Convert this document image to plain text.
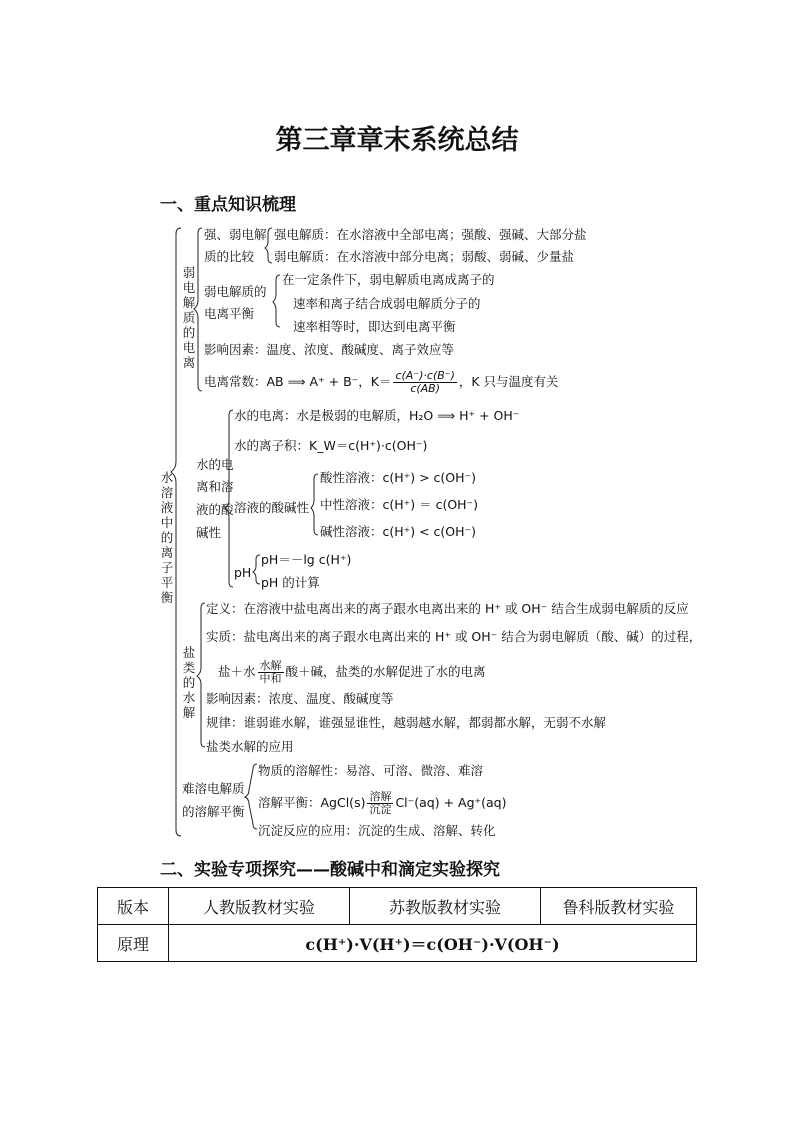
第三章章末系统总结
一、重点知识梳理
水
溶
液
中
的
离
子
平
衡
弱
电
解
质
的
电
离
强、弱电解
质的比较
强电解质：在水溶液中全部电离；强酸、强碱、大部分盐
弱电解质：在水溶液中部分电离；弱酸、弱碱、少量盐
弱电解质的
电离平衡
在一定条件下，弱电解质电离成离子的
速率和离子结合成弱电解质分子的
速率相等时，即达到电离平衡
影响因素：温度、浓度、酸碱度、离子效应等
电离常数：AB ⟹ A⁺ + B⁻，$K= \frac{c(A^-)\cdot c(B^-)}{c(AB)}$ ，K 只与温度有关
水的电
离和溶
液的酸
碱性
水的电离：水是极弱的电解质，H₂O ⟹ H⁺ + OH⁻
水的离子积：K_W＝c(H⁺)·c(OH⁻)
溶液的酸碱性
酸性溶液：c(H⁺) > c(OH⁻)
中性溶液：c(H⁺) ＝ c(OH⁻)
碱性溶液：c(H⁺) < c(OH⁻)
pH
pH＝－lg c(H⁺)
pH 的计算
盐
类
的
水
解
定义：在溶液中盐电离出来的离子跟水电离出来的 H⁺ 或 OH⁻ 结合生成弱电解质的反应
实质：盐电离出来的离子跟水电离出来的 H⁺ 或 OH⁻ 结合为弱电解质（酸、碱）的过程，
盐＋水 $\frac{\text{水解}}{\text{中和}}$ 酸＋碱，盐类的水解促进了水的电离
影响因素：浓度、温度、酸碱度等
规律：谁弱谁水解，谁强显谁性，越弱越水解，都弱都水解，无弱不水解
盐类水解的应用
难溶电解质
的溶解平衡
物质的溶解性：易溶、可溶、微溶、难溶
溶解平衡：AgCl(s) $\frac{\text{溶解}}{\text{沉淀}} Cl^-(aq) + Ag^+(aq)$
沉淀反应的应用：沉淀的生成、溶解、转化
二、实验专项探究——酸碱中和滴定实验探究
版本	人教版教材实验	苏教版教材实验	鲁科版教材实验
原理	c(H⁺)·V(H⁺)＝c(OH⁻)·V(OH⁻)		
